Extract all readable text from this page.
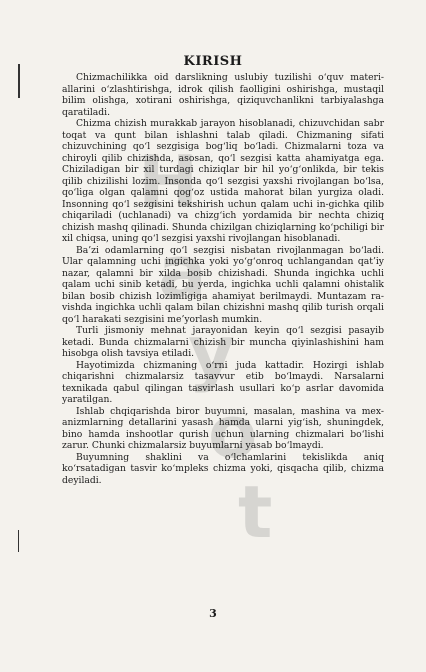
H
a
y
o
t
KIRISH

Chizmachilikka oid darslikning uslubiy tuzilishi o‘quv materi-allarini o‘zlashtirishga, idrok qilish faolligini oshirishga, mustaqil bilim olishga, xotirani oshirishga, qiziquvchanlikni tarbiyalashga qaratiladi.

Chizma chizish murakkab jarayon hisoblanadi, chizuvchidan sabr toqat va qunt bilan ishlashni talab qiladi. Chizmaning sifati chizuvchining qo‘l sezgisiga bog‘liq bo‘ladi. Chizmalarni toza va chiroyli qilib chizishda, asosan, qo‘l sezgisi katta ahamiyatga ega. Chiziladigan bir xil turdagi chiziqlar bir hil yo‘g‘onlikda, bir tekis qilib chizilishi lozim. Insonda qo‘l sezgisi yaxshi rivojlangan bo‘lsa, qo‘liga olgan qalamni qog‘oz ustida mahorat bilan yurgiza oladi. Insonning qo‘l sezgisini tekshirish uchun qalam uchi in-gichka qilib chiqariladi (uchlanadi) va chizg‘ich yordamida bir nechta chiziq chizish mashq qilinadi. Shunda chizilgan chiziqlarning ko‘pchiligi bir xil chiqsa, uning qo‘l sezgisi yaxshi rivojlangan hisoblanadi.

Ba’zi odamlarning qo‘l sezgisi nisbatan rivojlanmagan bo‘ladi. Ular qalamning uchi ingichka yoki yo‘g‘onroq uchlangandan qat’iy nazar, qalamni bir xilda bosib chizishadi. Shunda ingichka uchli qalam uchi sinib ketadi, bu yerda, ingichka uchli qalamni ohistalik bilan bosib chizish lozimligiga ahamiyat berilmaydi. Muntazam ra-vishda ingichka uchli qalam bilan chizishni mashq qilib turish orqali qo‘l harakati sezgisini me’yorlash mumkin.

Turli jismoniy mehnat jarayonidan keyin qo‘l sezgisi pasayib ketadi. Bunda chizmalarni chizish bir muncha qiyinlashishini ham hisobga olish tavsiya etiladi.

Hayotimizda chizmaning o‘rni juda kattadir. Hozirgi ishlab chiqarishni chizmalarsiz tasavvur etib bo‘lmaydi. Narsalarni texnikada qabul qilingan tasvirlash usullari ko‘p asrlar davomida yaratilgan.

Ishlab chqiqarishda biror buyumni, masalan, mashina va mex-anizmlarning detallarini yasash hamda ularni yig‘ish, shuningdek, bino hamda inshootlar qurish uchun ularning chizmalari bo‘lishi zarur. Chunki chizmalarsiz buyumlarni yasab bo‘lmaydi.

Buyumning shaklini va o‘lchamlarini tekislikda aniq ko‘rsatadigan tasvir ko‘mpleks chizma yoki, qisqacha qilib, chizma deyiladi.

3
